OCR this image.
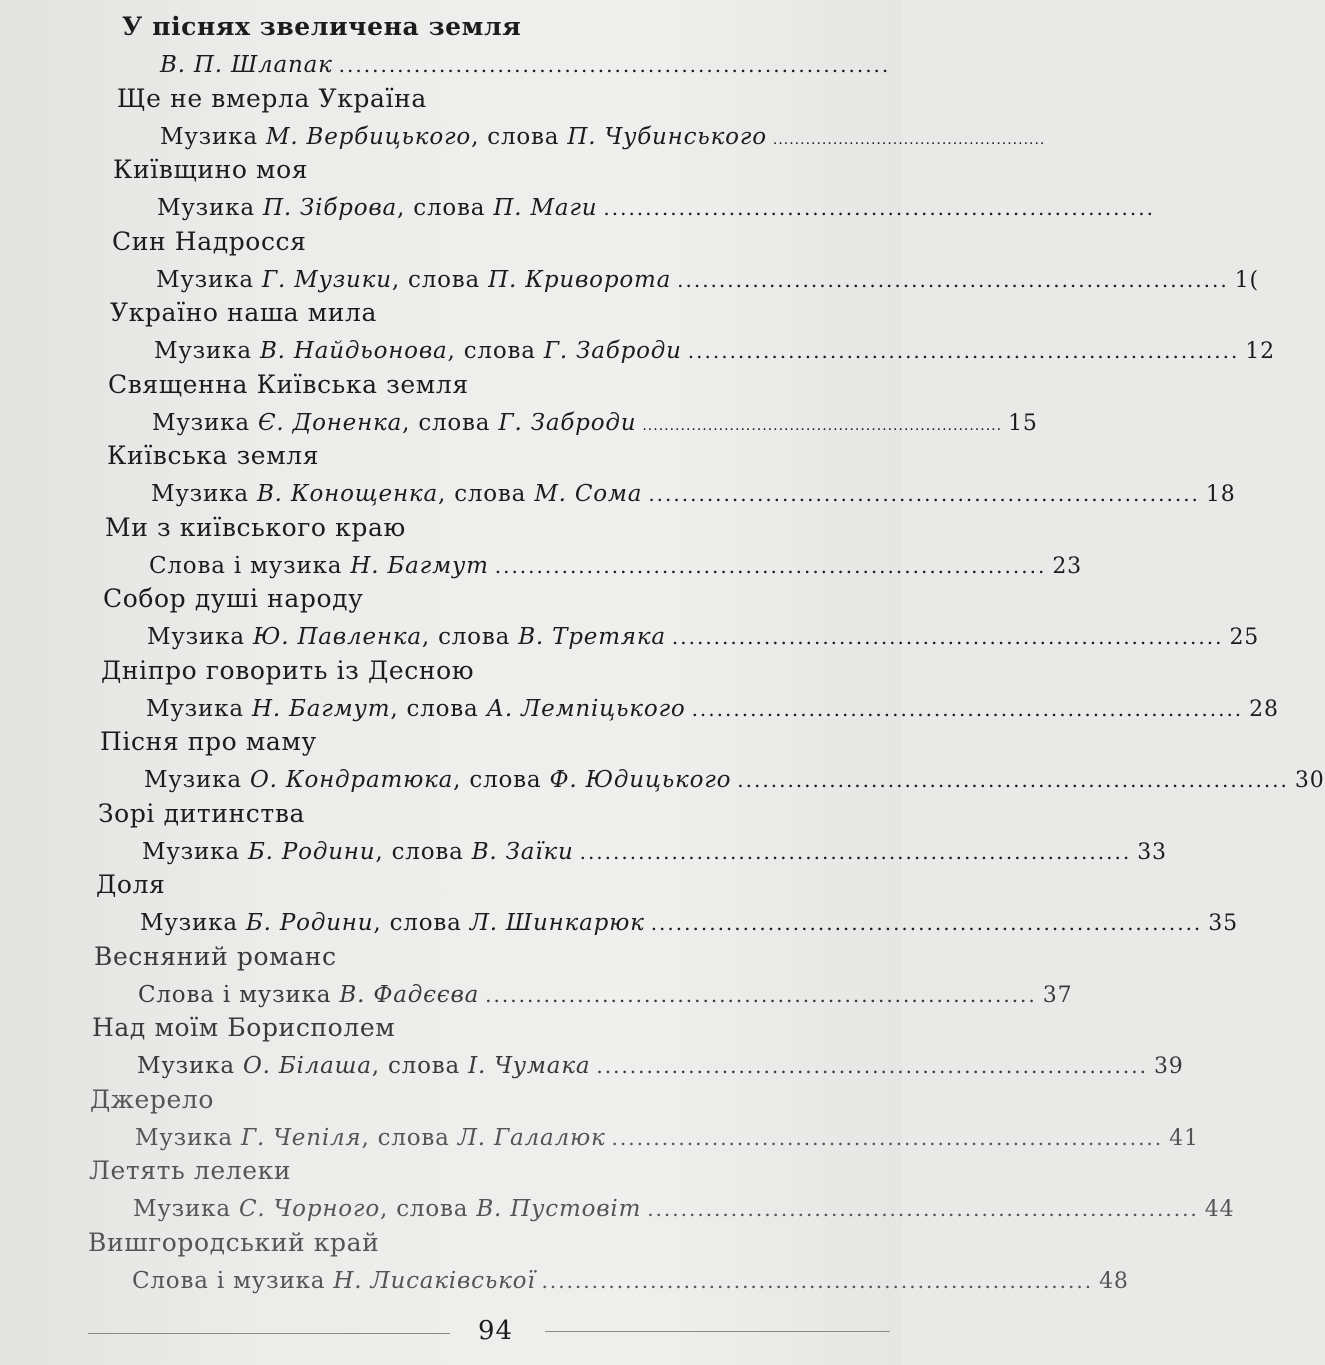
У піснях звеличена земля
В. П. Шлапак ..................................................................
Ще не вмерла Україна
Музика М. Вербицького, слова П. Чубинського ..................................................
Київщино моя
Музика П. Зіброва, слова П. Маги ..................................................................
Син Надросся
Музика Г. Музики, слова П. Криворота .................................................................. 1(
Україно наша мила
Музика В. Найдьонова, слова Г. Заброди .................................................................. 12
Священна Київська земля
Музика Є. Доненка, слова Г. Заброди .................................................................. 15
Київська земля
Музика В. Конощенка, слова М. Сома .................................................................. 18
Ми з київського краю
Слова і музика Н. Багмут .................................................................. 23
Собор душі народу
Музика Ю. Павленка, слова В. Третяка .................................................................. 25
Дніпро говорить із Десною
Музика Н. Багмут, слова А. Лемпіцького .................................................................. 28
Пісня про маму
Музика О. Кондратюка, слова Ф. Юдицького .................................................................. 30
Зорі дитинства
Музика Б. Родини, слова В. Заїки .................................................................. 33
Доля
Музика Б. Родини, слова Л. Шинкарюк .................................................................. 35
Весняний романс
Слова і музика В. Фадєєва .................................................................. 37
Над моїм Борисполем
Музика О. Білаша, слова І. Чумака .................................................................. 39
Джерело
Музика Г. Чепіля, слова Л. Галалюк .................................................................. 41
Летять лелеки
Музика С. Чорного, слова В. Пустовіт .................................................................. 44
Вишгородський край
Слова і музика Н. Лисаківської .................................................................. 48
94
